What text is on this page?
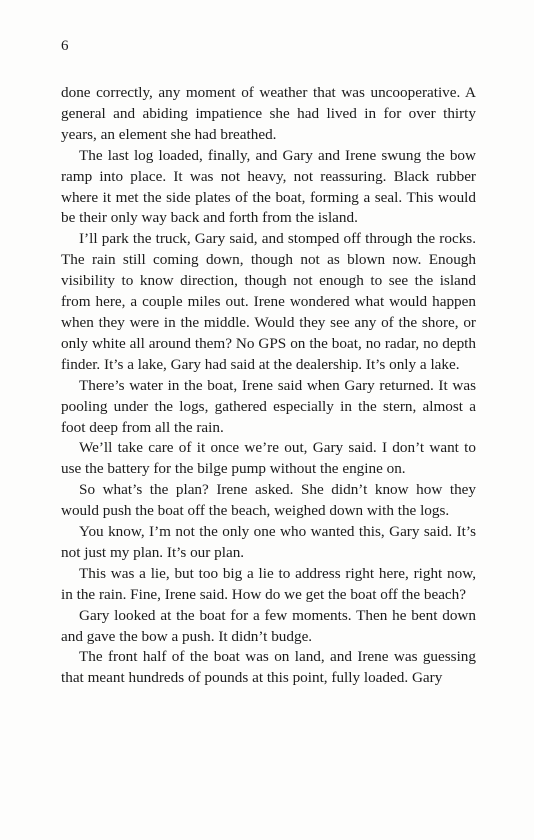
6

done correctly, any moment of weather that was uncooperative. A general and abiding impatience she had lived in for over thirty years, an element she had breathed.

The last log loaded, finally, and Gary and Irene swung the bow ramp into place. It was not heavy, not reassuring. Black rubber where it met the side plates of the boat, forming a seal. This would be their only way back and forth from the island.

I’ll park the truck, Gary said, and stomped off through the rocks. The rain still coming down, though not as blown now. Enough visibility to know direction, though not enough to see the island from here, a couple miles out. Irene wondered what would happen when they were in the middle. Would they see any of the shore, or only white all around them? No GPS on the boat, no radar, no depth finder. It’s a lake, Gary had said at the dealership. It’s only a lake.

There’s water in the boat, Irene said when Gary returned. It was pooling under the logs, gathered especially in the stern, almost a foot deep from all the rain.

We’ll take care of it once we’re out, Gary said. I don’t want to use the battery for the bilge pump without the engine on.

So what’s the plan? Irene asked. She didn’t know how they would push the boat off the beach, weighed down with the logs.

You know, I’m not the only one who wanted this, Gary said. It’s not just my plan. It’s our plan.

This was a lie, but too big a lie to address right here, right now, in the rain. Fine, Irene said. How do we get the boat off the beach?

Gary looked at the boat for a few moments. Then he bent down and gave the bow a push. It didn’t budge.

The front half of the boat was on land, and Irene was guessing that meant hundreds of pounds at this point, fully loaded. Gary
